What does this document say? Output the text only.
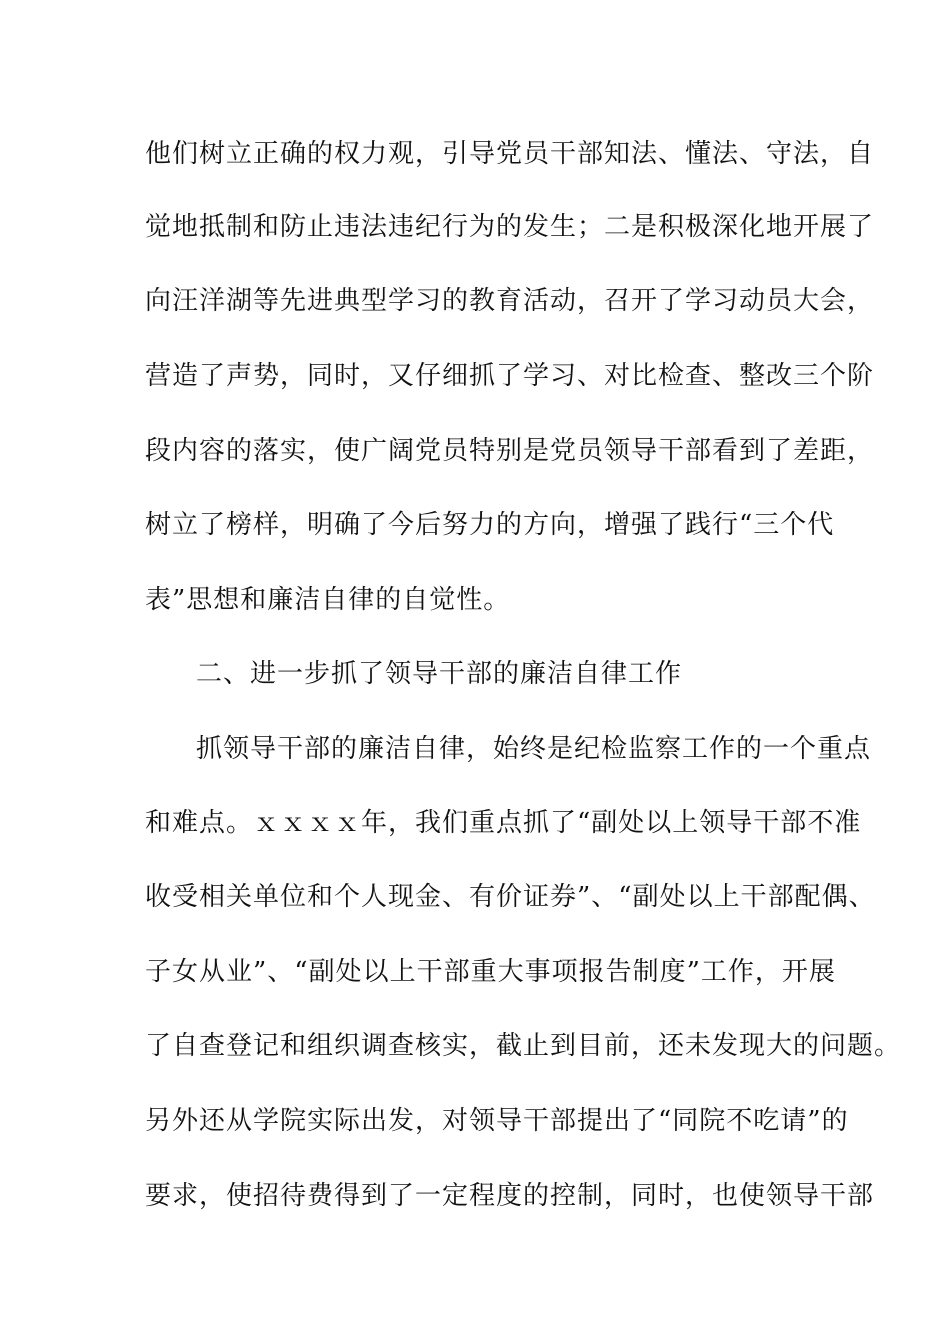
他们树立正确的权力观，引导党员干部知法、懂法、守法，自
觉地抵制和防止违法违纪行为的发生；二是积极深化地开展了
向汪洋湖等先进典型学习的教育活动，召开了学习动员大会，
营造了声势，同时，又仔细抓了学习、对比检查、整改三个阶
段内容的落实，使广阔党员特别是党员领导干部看到了差距，
树立了榜样，明确了今后努力的方向，增强了践行“三个代
表”思想和廉洁自律的自觉性。
二、进一步抓了领导干部的廉洁自律工作
抓领导干部的廉洁自律，始终是纪检监察工作的一个重点
和难点。ｘｘｘｘ年，我们重点抓了“副处以上领导干部不准
收受相关单位和个人现金、有价证券”、“副处以上干部配偶、
子女从业”、“副处以上干部重大事项报告制度”工作，开展
了自查登记和组织调查核实，截止到目前，还未发现大的问题。
另外还从学院实际出发，对领导干部提出了“同院不吃请”的
要求，使招待费得到了一定程度的控制，同时，也使领导干部
